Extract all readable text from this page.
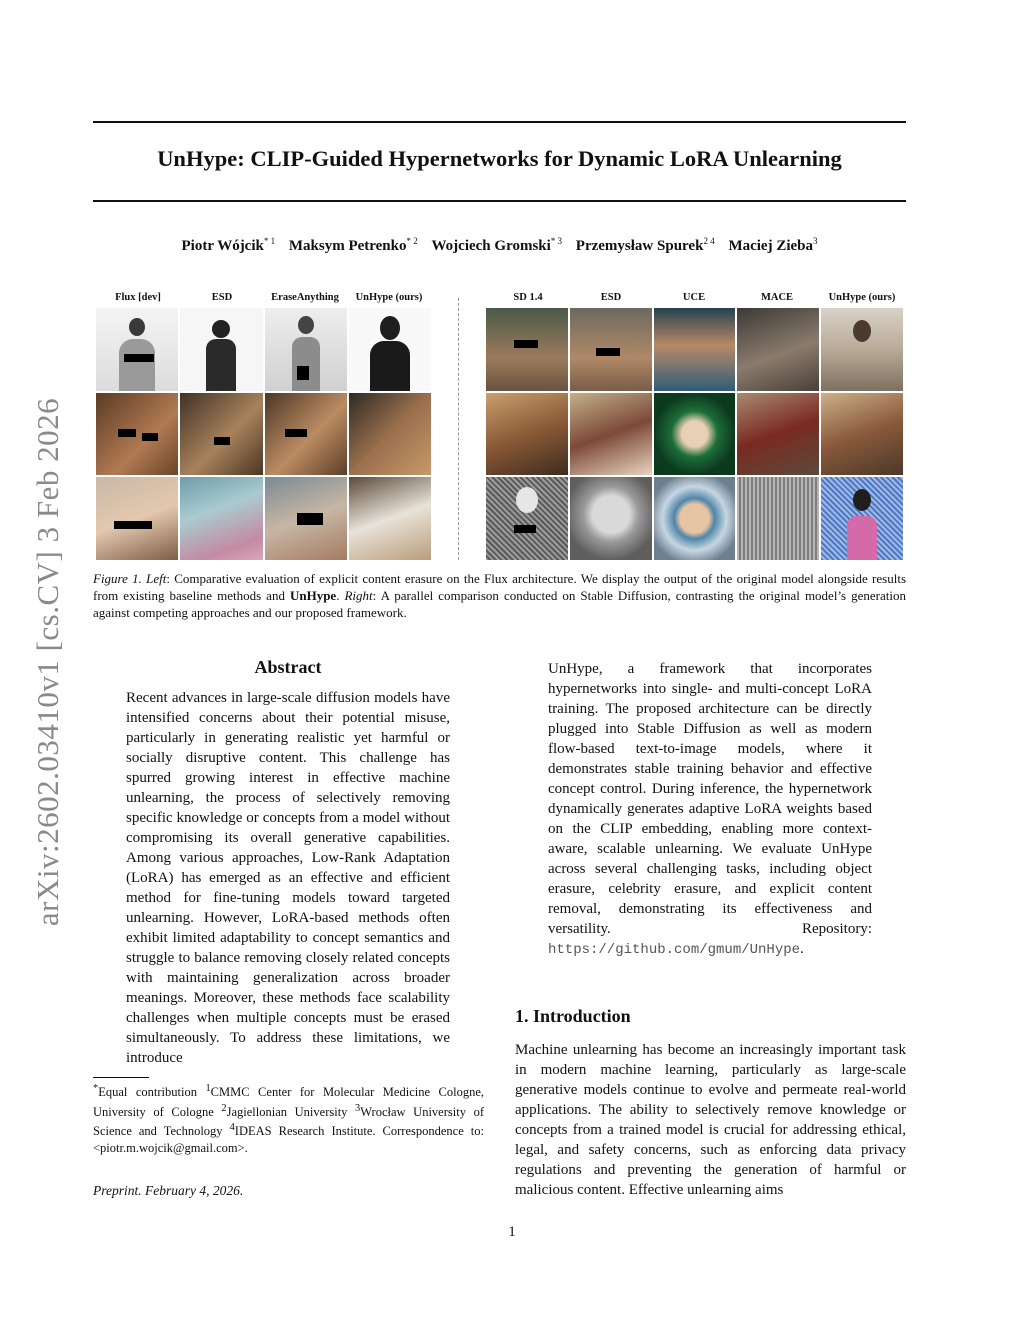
arXiv:2602.03410v1 [cs.CV] 3 Feb 2026
UnHype: CLIP-Guided Hypernetworks for Dynamic LoRA Unlearning
Piotr Wójcik$^{* 1}$ Maksym Petrenko$^{* 2}$ Wojciech Gromski$^{* 3}$ Przemysław Spurek$^{2 4}$ Maciej Zieba$^3$
Flux [dev]	ESD	EraseAnything	UnHype (ours)	SD 1.4	ESD	UCE	MACE	UnHype (ours)
Figure 1. Left: Comparative evaluation of explicit content erasure on the Flux architecture. We display the output of the original model alongside results from existing baseline methods and UnHype. Right: A parallel comparison conducted on Stable Diffusion, contrasting the original model’s generation against competing approaches and our proposed framework.
Abstract
Recent advances in large-scale diffusion models have intensified concerns about their potential misuse, particularly in generating realistic yet harmful or socially disruptive content. This challenge has spurred growing interest in effective machine unlearning, the process of selectively removing specific knowledge or concepts from a model without compromising its overall generative capabilities. Among various approaches, Low-Rank Adaptation (LoRA) has emerged as an effective and efficient method for fine-tuning models toward targeted unlearning. However, LoRA-based methods often exhibit limited adaptability to concept semantics and struggle to balance removing closely related concepts with maintaining generalization across broader meanings. Moreover, these methods face scalability challenges when multiple concepts must be erased simultaneously. To address these limitations, we introduce
UnHype, a framework that incorporates hypernetworks into single- and multi-concept LoRA training. The proposed architecture can be directly plugged into Stable Diffusion as well as modern flow-based text-to-image models, where it demonstrates stable training behavior and effective concept control. During inference, the hypernetwork dynamically generates adaptive LoRA weights based on the CLIP embedding, enabling more context-aware, scalable unlearning. We evaluate UnHype across several challenging tasks, including object erasure, celebrity erasure, and explicit content removal, demonstrating its effectiveness and versatility. Repository: https://github.com/gmum/UnHype.
1. Introduction
Machine unlearning has become an increasingly important task in modern machine learning, particularly as large-scale generative models continue to evolve and permeate real-world applications. The ability to selectively remove knowledge or concepts from a trained model is crucial for addressing ethical, legal, and safety concerns, such as enforcing data privacy regulations and preventing the generation of harmful or malicious content. Effective unlearning aims
*Equal contribution $^1$CMMC Center for Molecular Medicine Cologne, University of Cologne $^2$Jagiellonian University $^3$Wrocław University of Science and Technology $^4$IDEAS Research Institute. Correspondence to: <piotr.m.wojcik@gmail.com>.
Preprint. February 4, 2026.
1
